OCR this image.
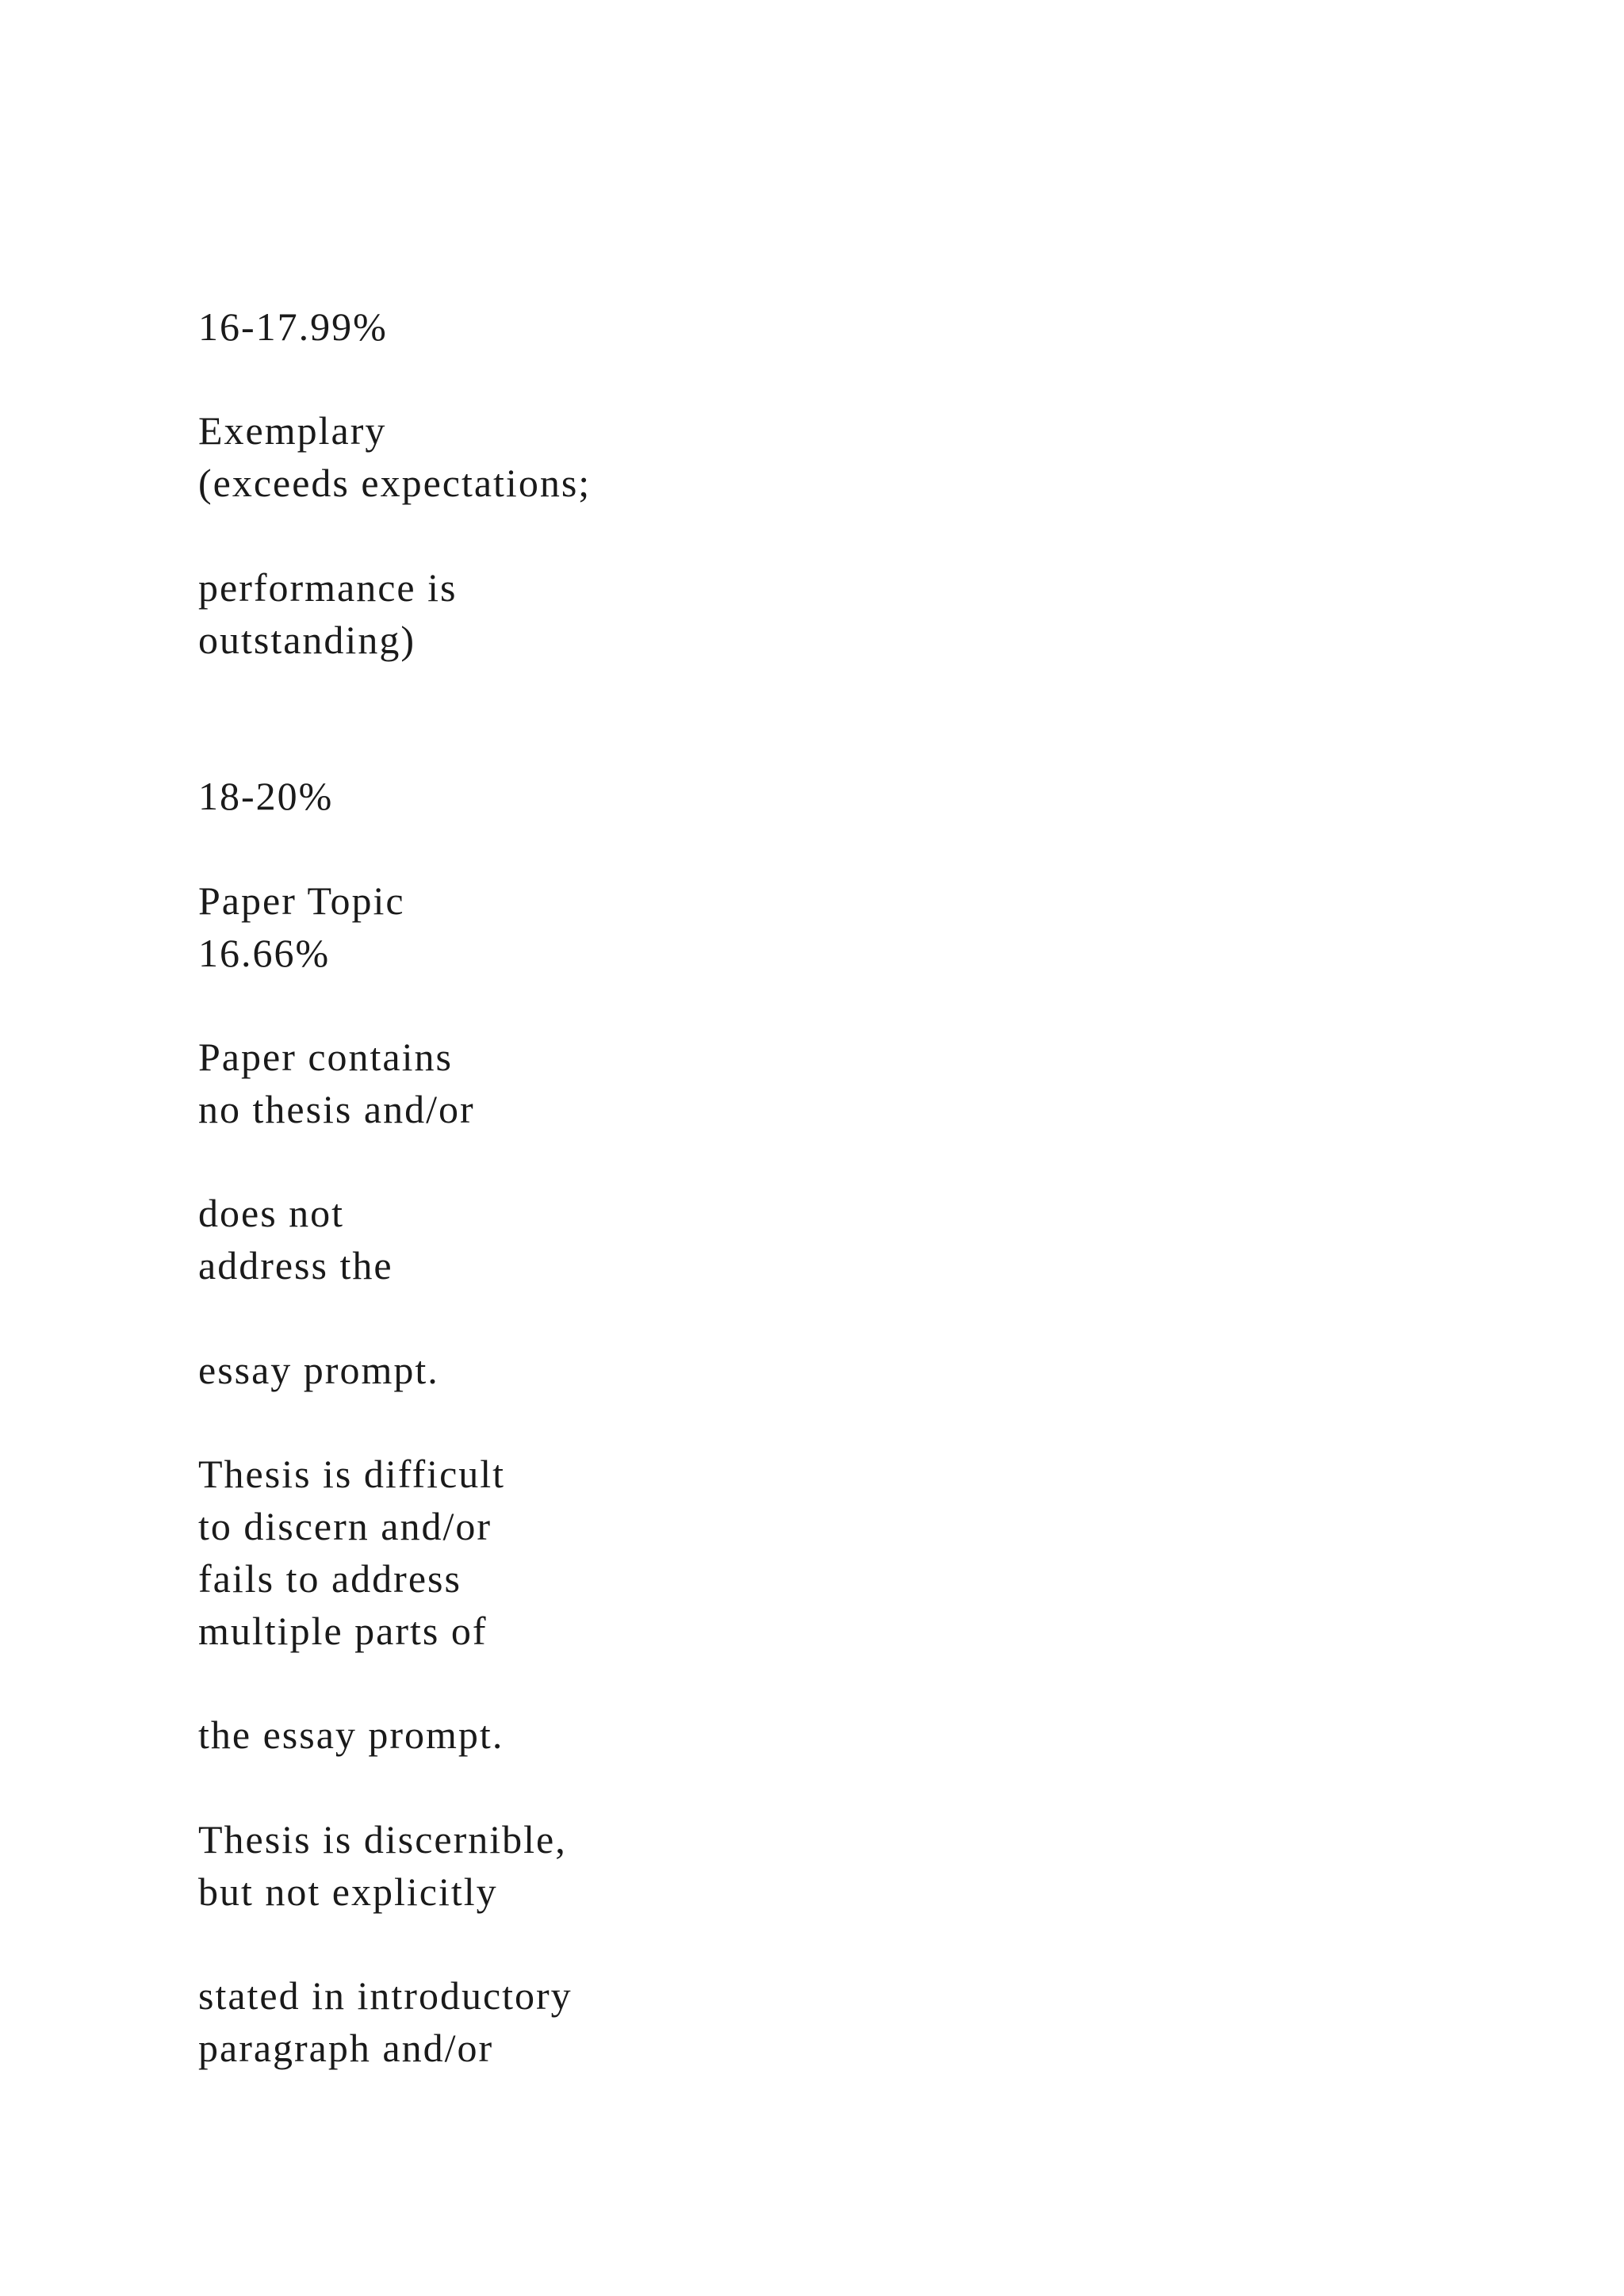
16-17.99%
Exemplary
(exceeds expectations;
performance is
outstanding)
18-20%
Paper Topic
16.66%
Paper contains
no thesis and/or
does not
address the
essay prompt.
Thesis is difficult
to discern and/or
fails to address
multiple parts of
the essay prompt.
Thesis is discernible,
but not explicitly
stated in introductory
paragraph and/or
